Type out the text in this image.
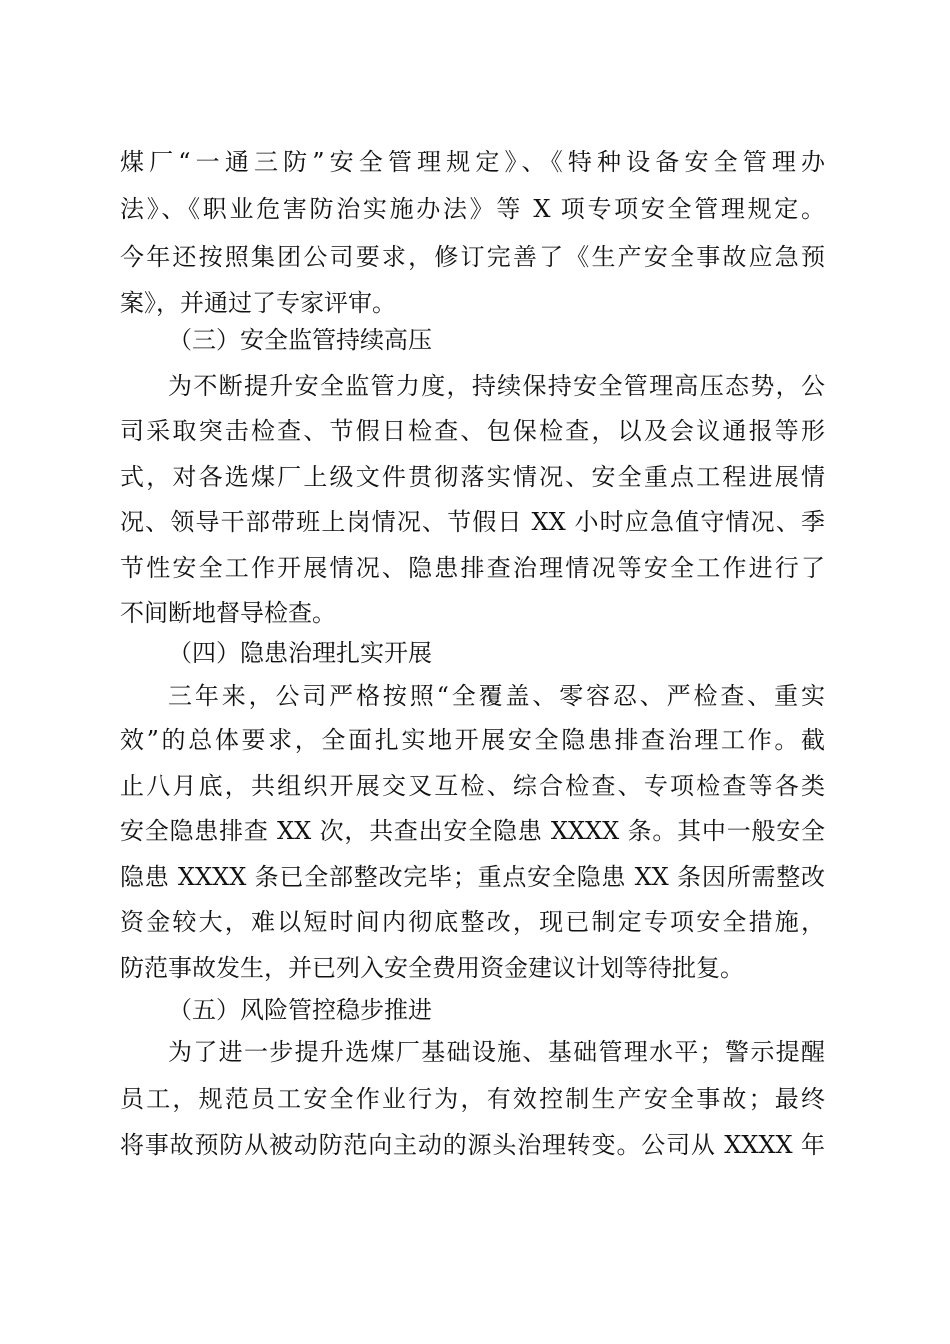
煤厂“一通三防”安全管理规定》、《特种设备安全管理办
法》、《职业危害防治实施办法》等 X 项专项安全管理规定。
今年还按照集团公司要求，修订完善了《生产安全事故应急预
案》，并通过了专家评审。
（三）安全监管持续高压
为不断提升安全监管力度，持续保持安全管理高压态势，公
司采取突击检查、节假日检查、包保检查，以及会议通报等形
式，对各选煤厂上级文件贯彻落实情况、安全重点工程进展情
况、领导干部带班上岗情况、节假日 XX 小时应急值守情况、季
节性安全工作开展情况、隐患排查治理情况等安全工作进行了
不间断地督导检查。
（四）隐患治理扎实开展
三年来，公司严格按照“全覆盖、零容忍、严检查、重实
效”的总体要求，全面扎实地开展安全隐患排查治理工作。截
止八月底，共组织开展交叉互检、综合检查、专项检查等各类
安全隐患排查 XX 次，共查出安全隐患 XXXX 条。其中一般安全
隐患 XXXX 条已全部整改完毕；重点安全隐患 XX 条因所需整改
资金较大，难以短时间内彻底整改，现已制定专项安全措施，
防范事故发生，并已列入安全费用资金建议计划等待批复。
（五）风险管控稳步推进
为了进一步提升选煤厂基础设施、基础管理水平；警示提醒
员工，规范员工安全作业行为，有效控制生产安全事故；最终
将事故预防从被动防范向主动的源头治理转变。公司从 XXXX 年
